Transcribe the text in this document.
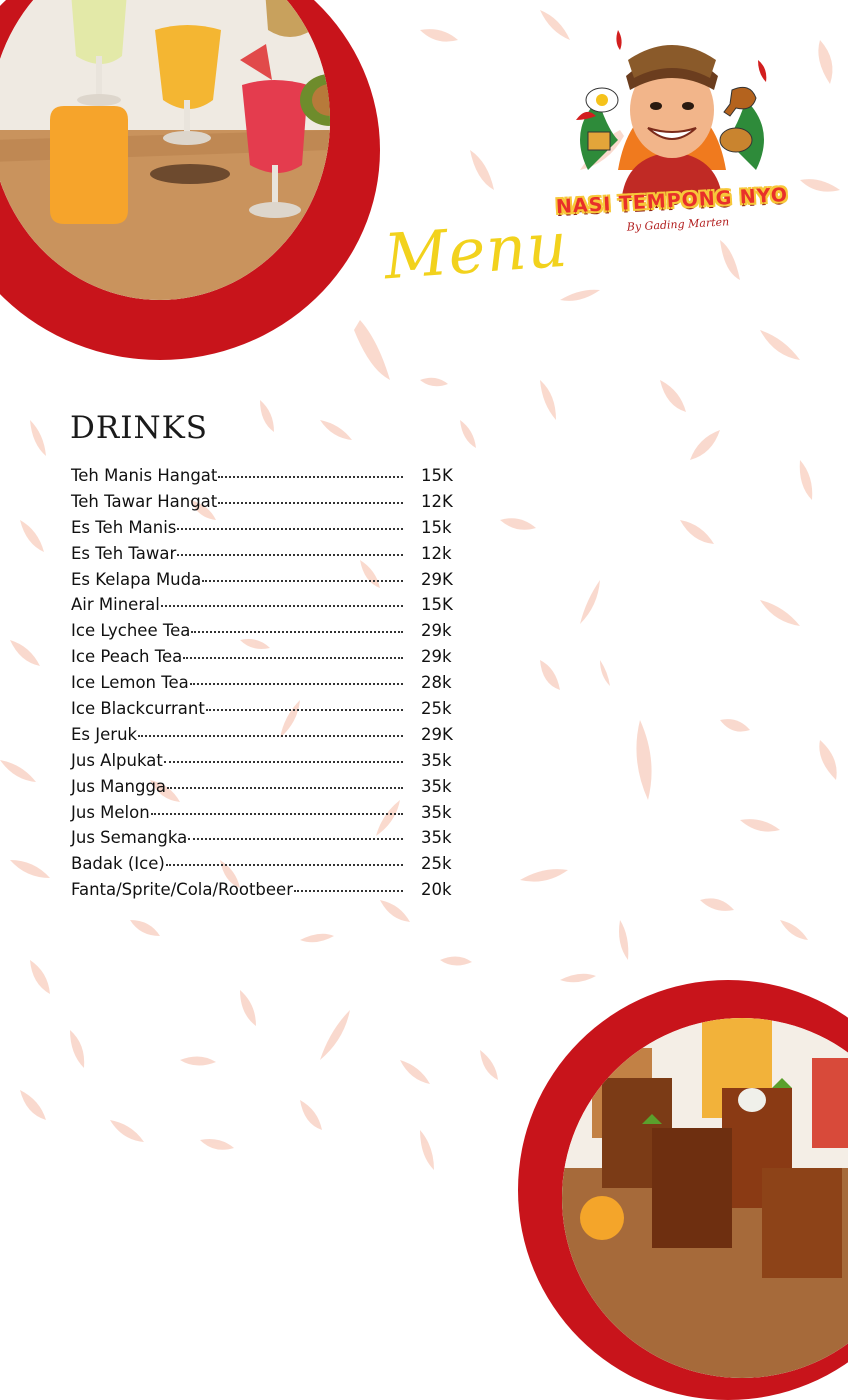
NASI TEMPONG NYO
By Gading Marten
Menu
DRINKS
Teh Manis Hangat	15K
Teh Tawar Hangat	12K
Es Teh Manis	15k
Es Teh Tawar	12k
Es Kelapa Muda	29K
Air Mineral	15K
Ice Lychee Tea	29k
Ice Peach Tea	29k
Ice Lemon Tea	28k
Ice Blackcurrant	25k
Es Jeruk	29K
Jus Alpukat	35k
Jus Mangga	35k
Jus Melon	35k
Jus Semangka	35k
Badak (Ice)	25k
Fanta/Sprite/Cola/Rootbeer	20k
